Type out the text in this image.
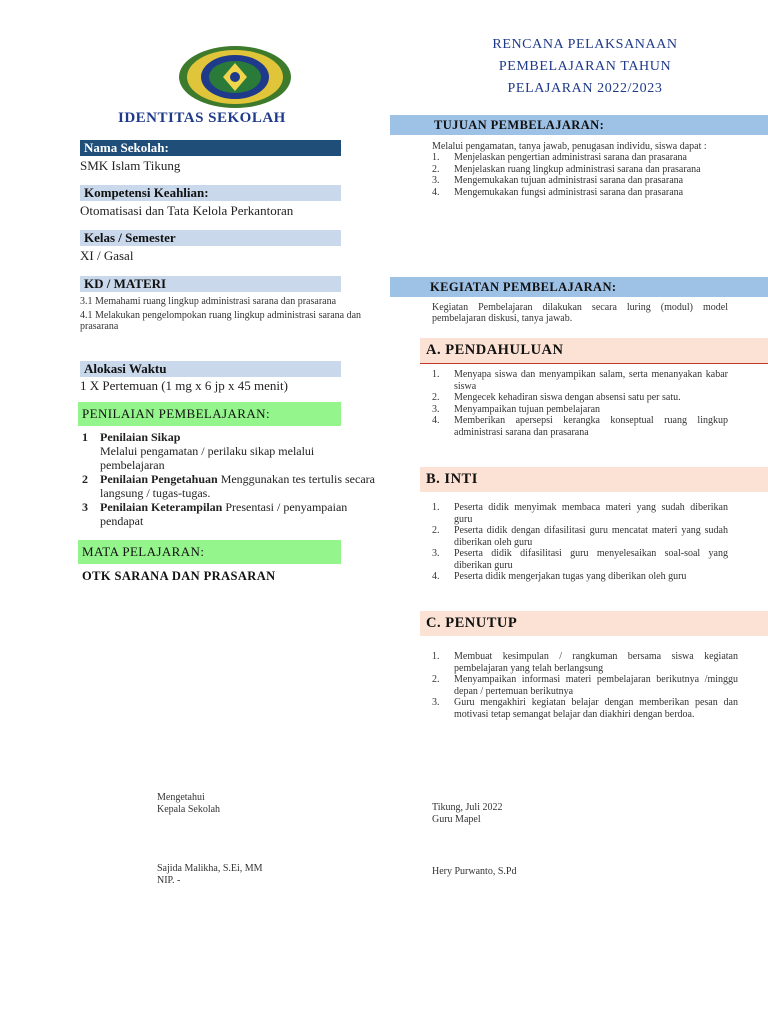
IDENTITAS SEKOLAH
RENCANA PELAKSANAAN
PEMBELAJARAN TAHUN
PELAJARAN 2022/2023
Nama Sekolah:
SMK Islam Tikung
Kompetensi Keahlian:
Otomatisasi dan Tata Kelola Perkantoran
Kelas / Semester
XI / Gasal
KD / MATERI
3.1 Memahami ruang lingkup administrasi sarana dan prasarana
4.1 Melakukan pengelompokan ruang lingkup administrasi sarana dan prasarana
Alokasi Waktu
1 X Pertemuan (1 mg x 6 jp x 45 menit)
PENILAIAN PEMBELAJARAN:
1	Penilaian Sikap
Melalui pengamatan / perilaku sikap melalui pembelajaran
2	Penilaian Pengetahuan Menggunakan tes tertulis secara langsung / tugas-tugas.
3	Penilaian Keterampilan Presentasi / penyampaian pendapat
MATA PELAJARAN:
OTK SARANA DAN PRASARAN
TUJUAN PEMBELAJARAN:
Melalui pengamatan, tanya jawab, penugasan individu, siswa dapat :
1.	Menjelaskan pengertian administrasi sarana dan prasarana
2.	Menjelaskan ruang lingkup administrasi sarana dan prasarana
3.	Mengemukakan tujuan administrasi sarana dan prasarana
4.	Mengemukakan fungsi administrasi sarana dan prasarana
KEGIATAN PEMBELAJARAN:
Kegiatan Pembelajaran dilakukan secara luring (modul) model pembelajaran diskusi, tanya jawab.
A. PENDAHULUAN
1.	Menyapa siswa dan menyampikan salam, serta menanyakan kabar siswa
2.	Mengecek kehadiran siswa dengan absensi satu per satu.
3.	Menyampaikan tujuan pembelajaran
4.	Memberikan apersepsi kerangka konseptual ruang lingkup administrasi sarana dan prasarana
B. INTI
1.	Peserta didik menyimak membaca materi yang sudah diberikan guru
2.	Peserta didik dengan difasilitasi guru mencatat materi yang sudah diberikan oleh guru
3.	Peserta didik difasilitasi guru menyelesaikan soal-soal yang diberikan guru
4.	Peserta didik mengerjakan tugas yang diberikan oleh guru
C. PENUTUP
1.	Membuat kesimpulan / rangkuman bersama siswa kegiatan pembelajaran yang telah berlangsung
2.	Menyampaikan informasi materi pembelajaran berikutnya /minggu depan / pertemuan berikutnya
3.	Guru mengakhiri kegiatan belajar dengan memberikan pesan dan motivasi tetap semangat belajar dan diakhiri dengan berdoa.
Mengetahui
Kepala Sekolah
Sajida Malikha, S.Ei, MM
NIP. -
Tikung, Juli 2022
Guru Mapel
Hery Purwanto, S.Pd
